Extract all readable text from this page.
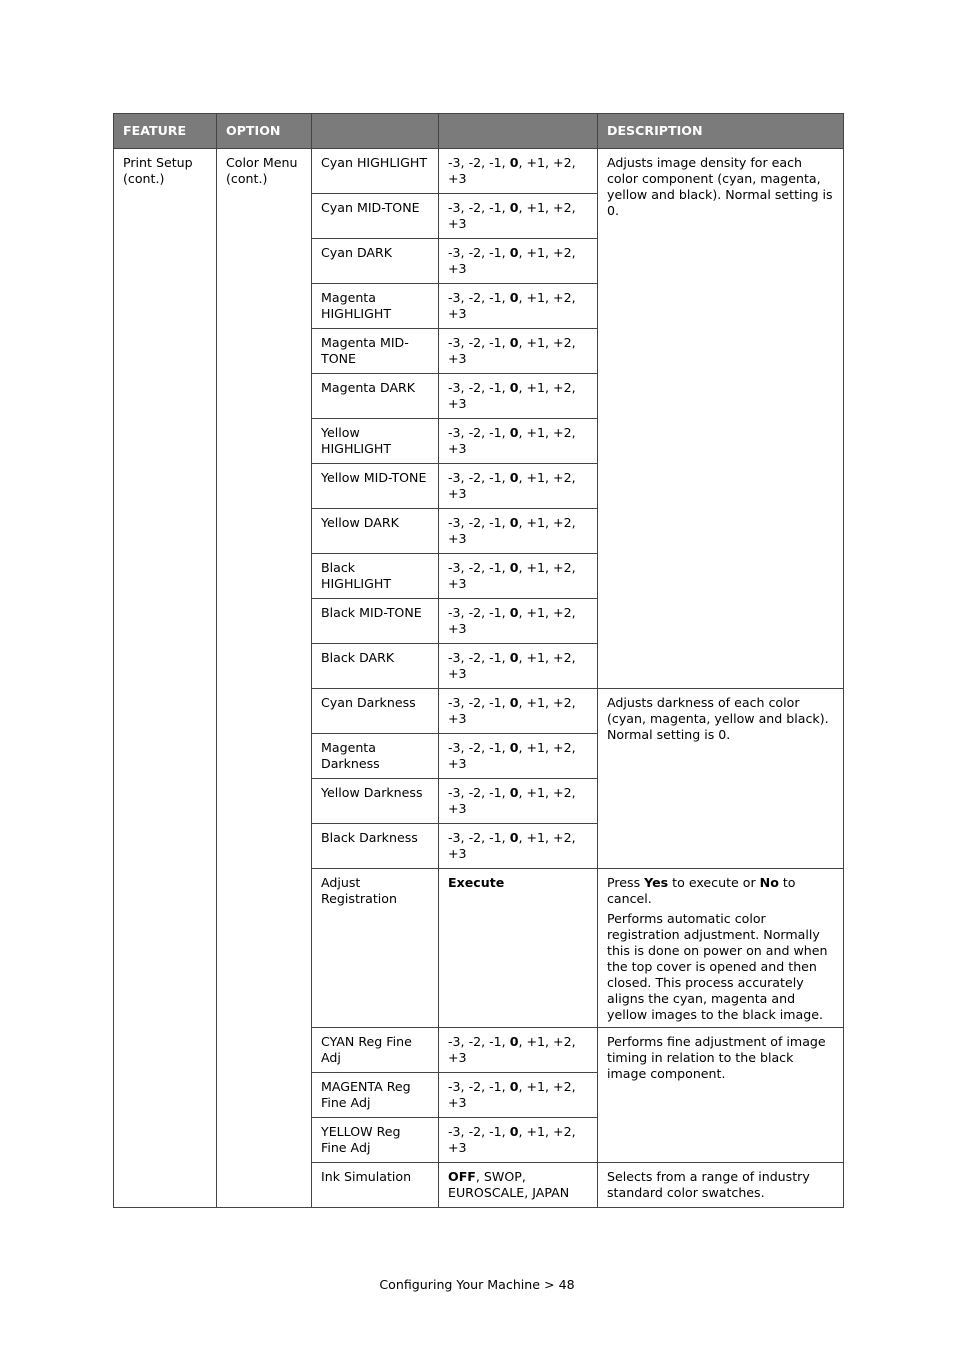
FEATURE	OPTION			DESCRIPTION
Print Setup (cont.)	Color Menu (cont.)	Cyan HIGHLIGHT	-3, -2, -1, 0, +1, +2, +3	Adjusts image density for each color component (cyan, magenta, yellow and black). Normal setting is 0.

		Cyan MID-TONE	-3, -2, -1, 0, +1, +2, +3	
		Cyan DARK	-3, -2, -1, 0, +1, +2, +3	
		Magenta HIGHLIGHT	-3, -2, -1, 0, +1, +2, +3	
		Magenta MID-TONE	-3, -2, -1, 0, +1, +2, +3	
		Magenta DARK	-3, -2, -1, 0, +1, +2, +3	
		Yellow HIGHLIGHT	-3, -2, -1, 0, +1, +2, +3	
		Yellow MID-TONE	-3, -2, -1, 0, +1, +2, +3	
		Yellow DARK	-3, -2, -1, 0, +1, +2, +3	
		Black HIGHLIGHT	-3, -2, -1, 0, +1, +2, +3	
		Black MID-TONE	-3, -2, -1, 0, +1, +2, +3	
		Black DARK	-3, -2, -1, 0, +1, +2, +3	
		Cyan Darkness	-3, -2, -1, 0, +1, +2, +3	Adjusts darkness of each color (cyan, magenta, yellow and black). Normal setting is 0.

		Magenta Darkness	-3, -2, -1, 0, +1, +2, +3	
		Yellow Darkness	-3, -2, -1, 0, +1, +2, +3	
		Black Darkness	-3, -2, -1, 0, +1, +2, +3	
		Adjust Registration	Execute	Press Yes to execute or No to cancel.

Performs automatic color registration adjustment. Normally this is done on power on and when the top cover is opened and then closed. This process accurately aligns the cyan, magenta and yellow images to the black image.

		CYAN Reg Fine Adj	-3, -2, -1, 0, +1, +2, +3	Performs fine adjustment of image timing in relation to the black image component.

		MAGENTA Reg Fine Adj	-3, -2, -1, 0, +1, +2, +3	
		YELLOW Reg Fine Adj	-3, -2, -1, 0, +1, +2, +3	
		Ink Simulation	OFF, SWOP, EUROSCALE, JAPAN	Selects from a range of industry standard color swatches.

Configuring Your Machine > 48
